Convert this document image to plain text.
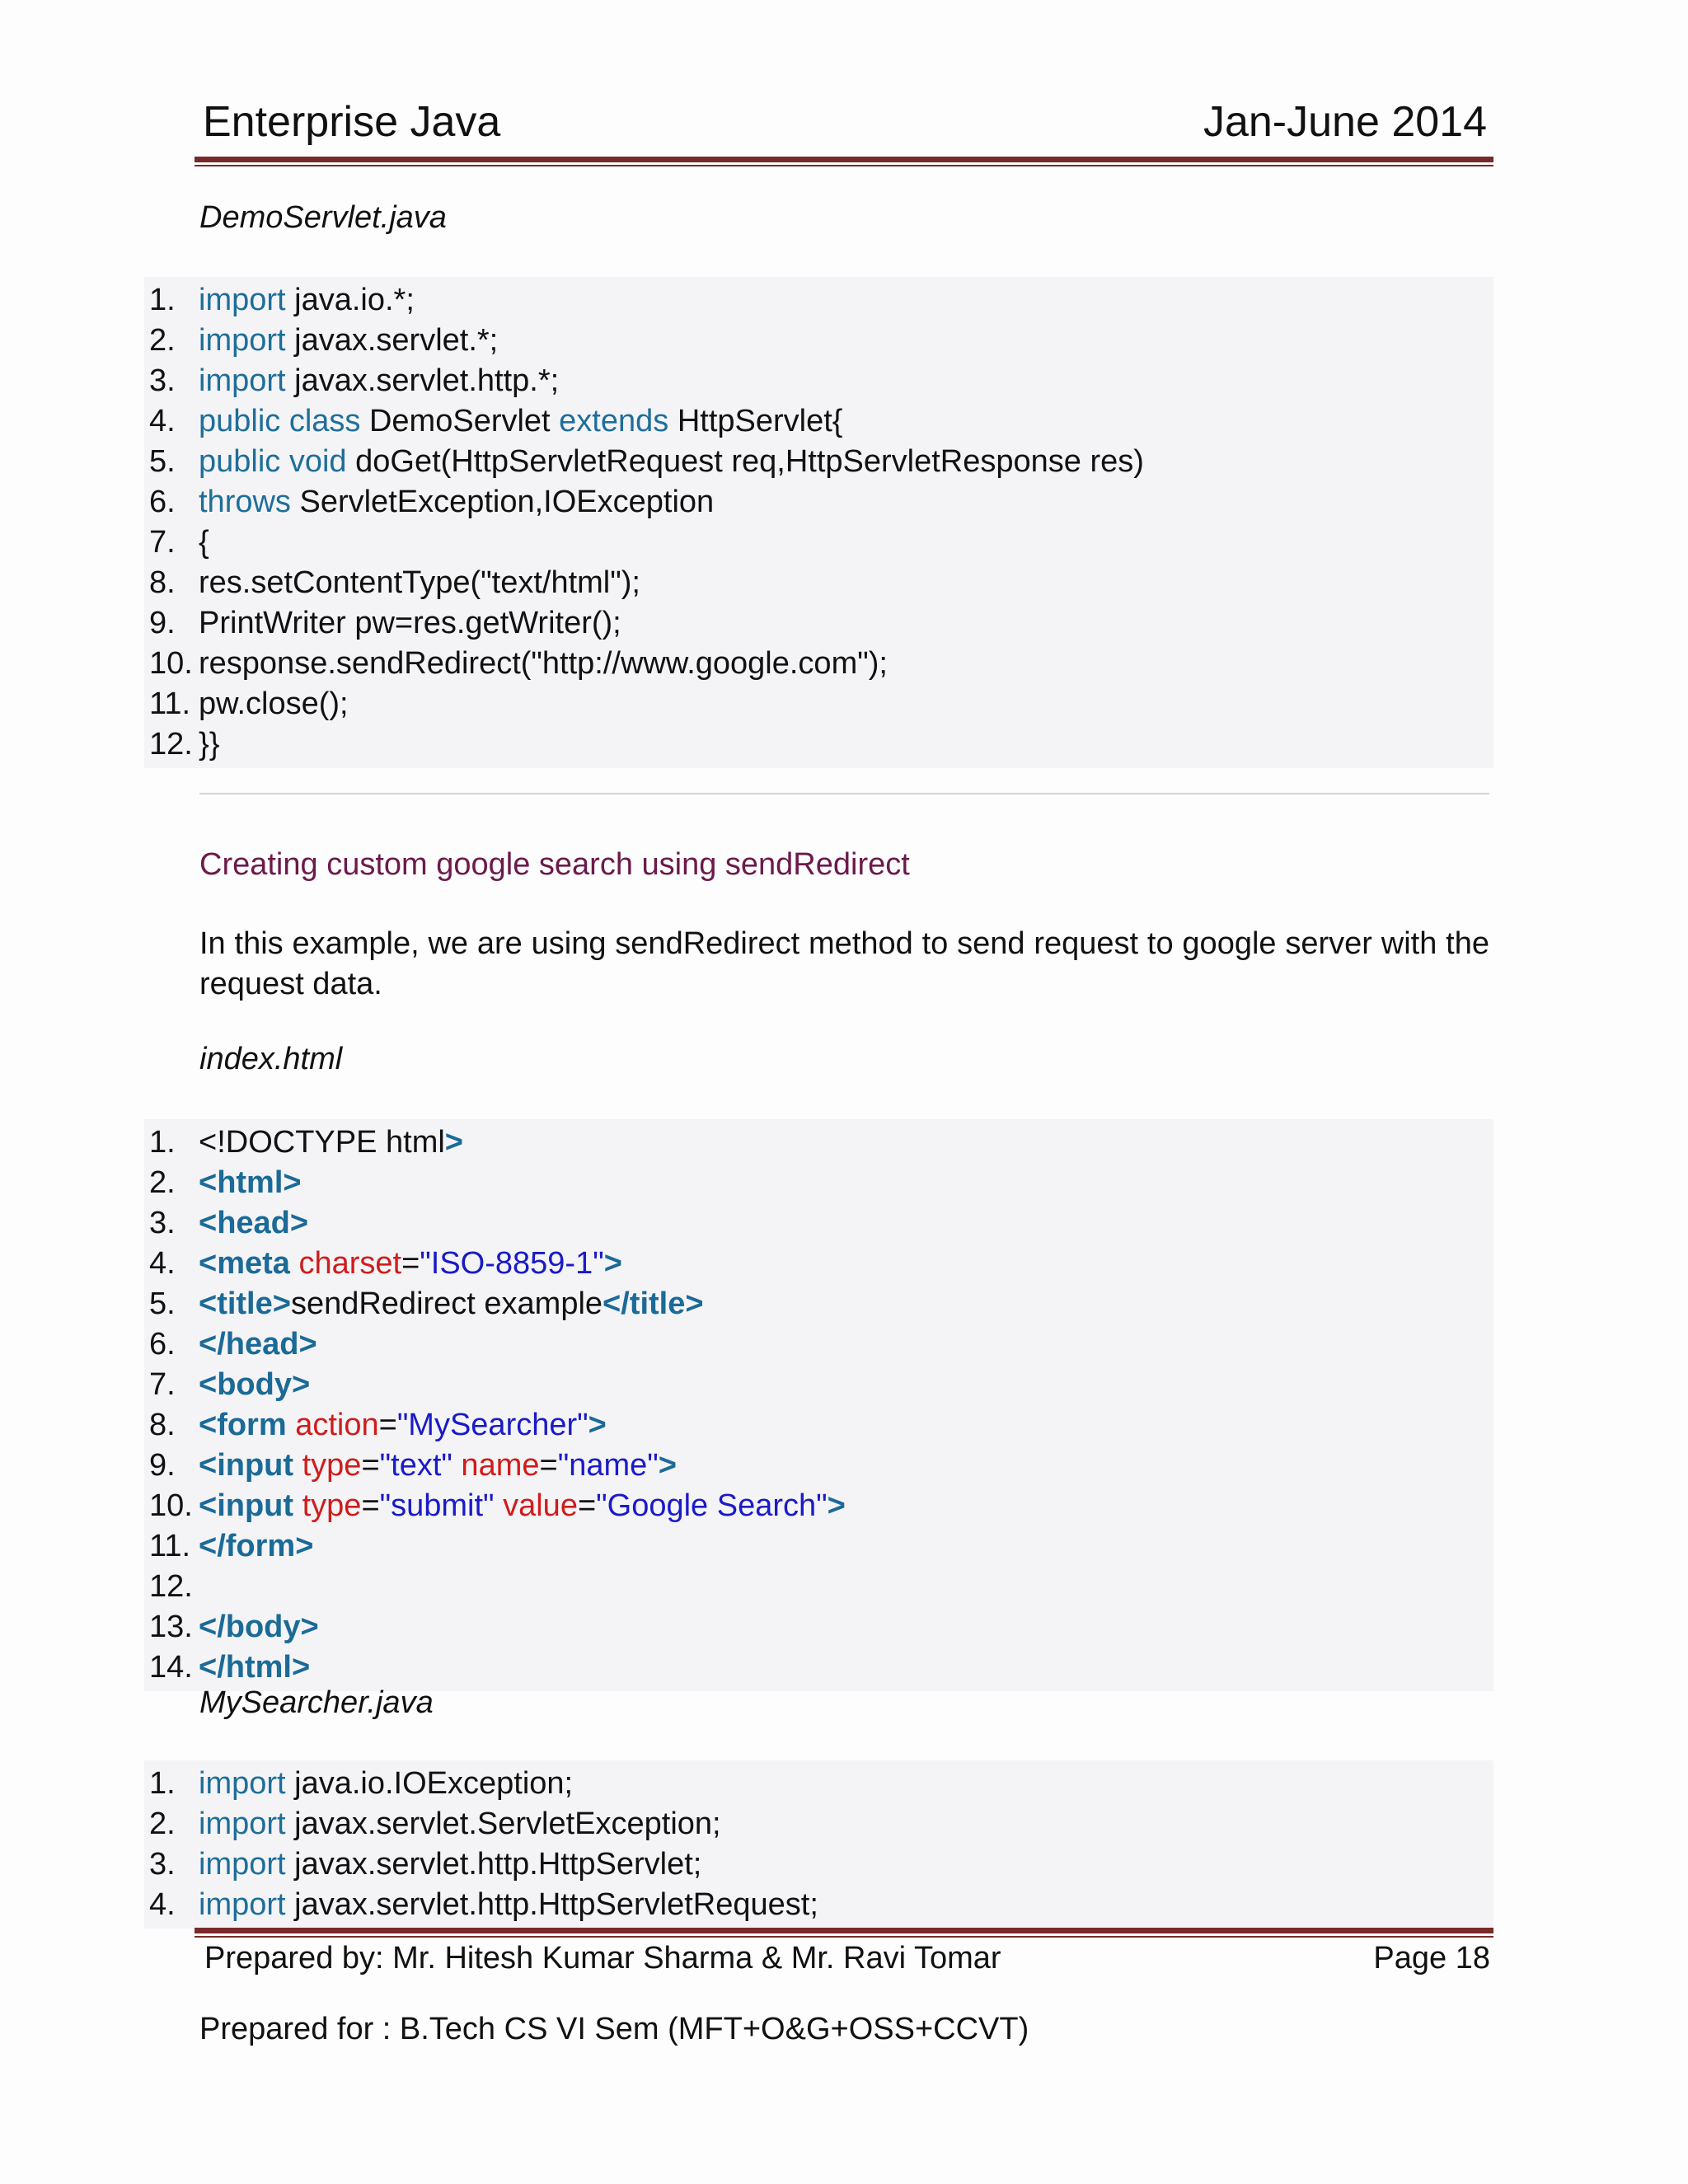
Enterprise Java	Jan-June 2014
DemoServlet.java
1. import java.io.*;
2. import javax.servlet.*;
3. import javax.servlet.http.*;
4. public class DemoServlet extends HttpServlet{
5. public void doGet(HttpServletRequest req,HttpServletResponse res)
6. throws ServletException,IOException
7. {
8. res.setContentType("text/html");
9. PrintWriter pw=res.getWriter();
10. response.sendRedirect("http://www.google.com");
11. pw.close();
12. }}
Creating custom google search using sendRedirect
In this example, we are using sendRedirect method to send request to google server with the request data.
index.html
1. <!DOCTYPE html>
2. <html>
3. <head>
4. <meta charset="ISO-8859-1">
5. <title>sendRedirect example</title>
6. </head>
7. <body>
8. <form action="MySearcher">
9. <input type="text" name="name">
10. <input type="submit" value="Google Search">
11. </form>
12.
13. </body>
14. </html>
MySearcher.java
1. import java.io.IOException;
2. import javax.servlet.ServletException;
3. import javax.servlet.http.HttpServlet;
4. import javax.servlet.http.HttpServletRequest;
Prepared by: Mr. Hitesh Kumar Sharma & Mr. Ravi Tomar	Page 18
Prepared for : B.Tech CS VI Sem (MFT+O&G+OSS+CCVT)
